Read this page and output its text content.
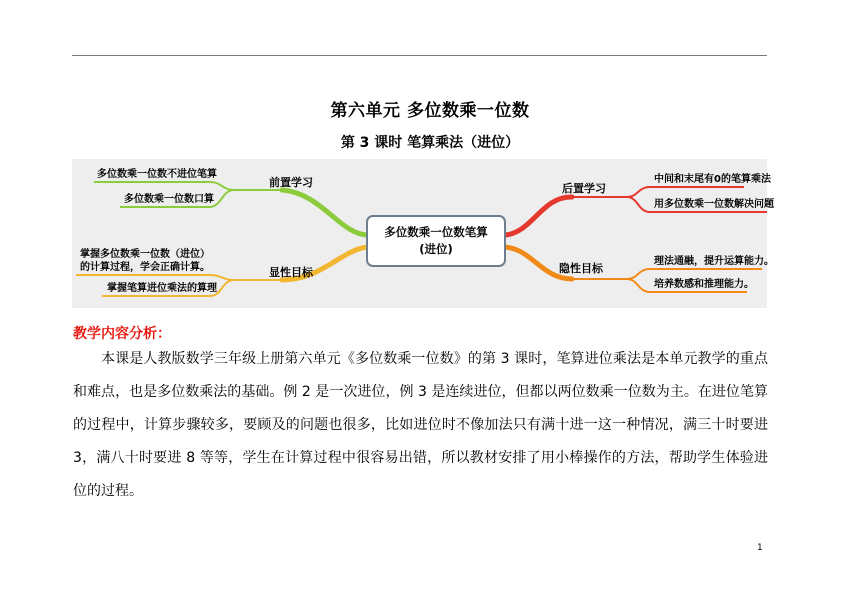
第六单元 多位数乘一位数
第 3 课时 笔算乘法（进位）
多位数乘一位数笔算
(进位)
前置学习
多位数乘一位数不进位笔算
多位数乘一位数口算
显性目标
掌握多位数乘一位数（进位）
的计算过程，学会正确计算。
掌握笔算进位乘法的算理
后置学习
中间和末尾有0的笔算乘法
用多位数乘一位数解决问题
隐性目标
理法通融，提升运算能力。
培养数感和推理能力。
教学内容分析：

本课是人教版数学三年级上册第六单元《多位数乘一位数》的第 3 课时，笔算进位乘法是本单元教学的重点和难点，也是多位数乘法的基础。例 2 是一次进位，例 3 是连续进位，但都以两位数乘一位数为主。在进位笔算的过程中，计算步骤较多，要顾及的问题也很多，比如进位时不像加法只有满十进一这一种情况，满三十时要进 3，满八十时要进 8 等等，学生在计算过程中很容易出错，所以教材安排了用小棒操作的方法，帮助学生体验进位的过程。

1
